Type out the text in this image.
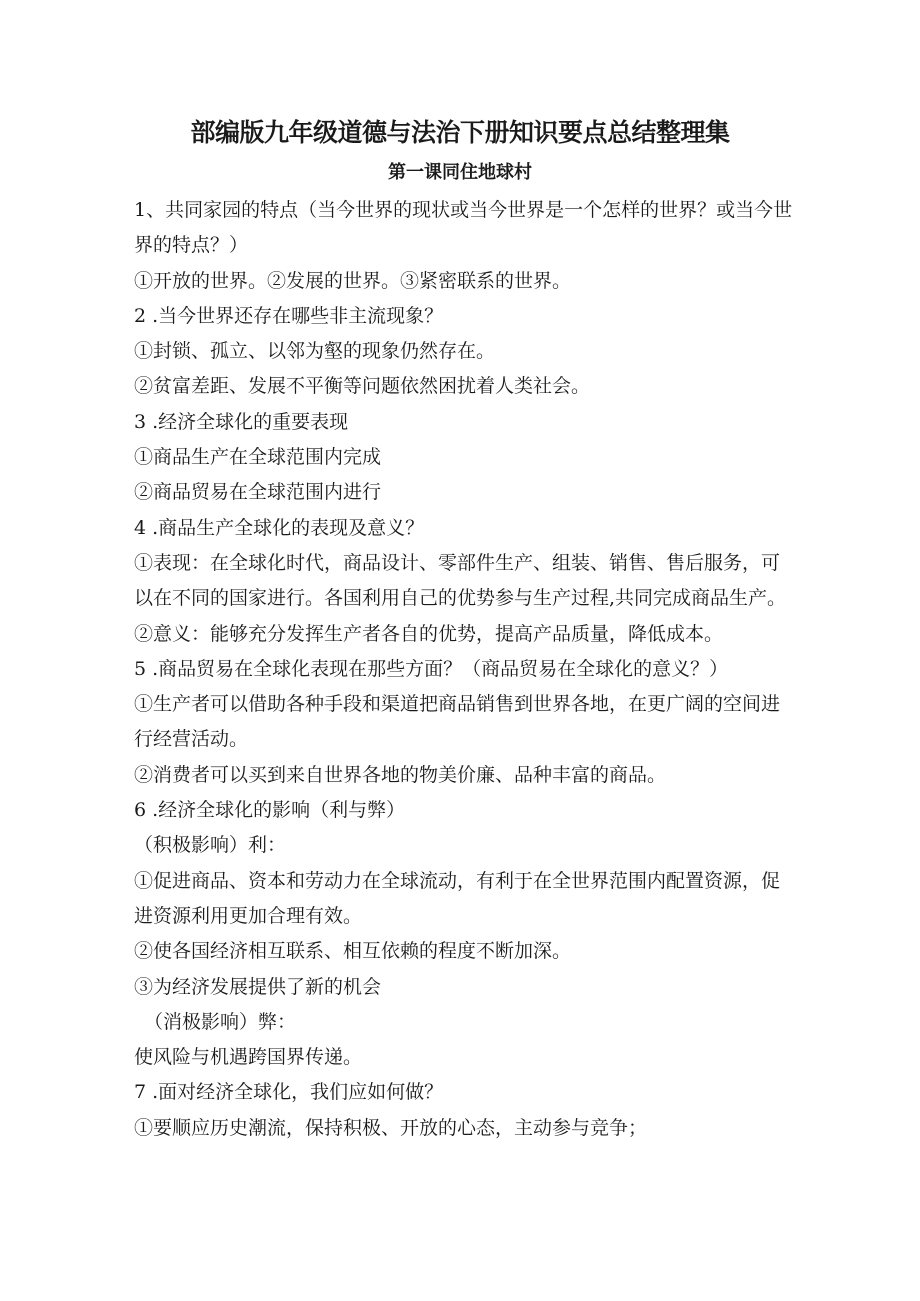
部编版九年级道德与法治下册知识要点总结整理集
第一课同住地球村

1、共同家园的特点（当今世界的现状或当今世界是一个怎样的世界？或当今世界的特点？）

①开放的世界。②发展的世界。③紧密联系的世界。

2 .当今世界还存在哪些非主流现象？

①封锁、孤立、以邻为壑的现象仍然存在。

②贫富差距、发展不平衡等问题依然困扰着人类社会。

3 .经济全球化的重要表现

①商品生产在全球范围内完成

②商品贸易在全球范围内进行

4 .商品生产全球化的表现及意义？

①表现：在全球化时代，商品设计、零部件生产、组装、销售、售后服务，可以在不同的国家进行。各国利用自己的优势参与生产过程,共同完成商品生产。

②意义：能够充分发挥生产者各自的优势，提高产品质量，降低成本。

5 .商品贸易在全球化表现在那些方面？（商品贸易在全球化的意义？）

①生产者可以借助各种手段和渠道把商品销售到世界各地，在更广阔的空间进行经营活动。

②消费者可以买到来自世界各地的物美价廉、品种丰富的商品。

6 .经济全球化的影响（利与弊）

（积极影响）利：

①促进商品、资本和劳动力在全球流动，有利于在全世界范围内配置资源，促进资源利用更加合理有效。

②使各国经济相互联系、相互依赖的程度不断加深。

③为经济发展提供了新的机会

（消极影响）弊：

使风险与机遇跨国界传递。

7 .面对经济全球化，我们应如何做？

①要顺应历史潮流，保持积极、开放的心态，主动参与竞争；
